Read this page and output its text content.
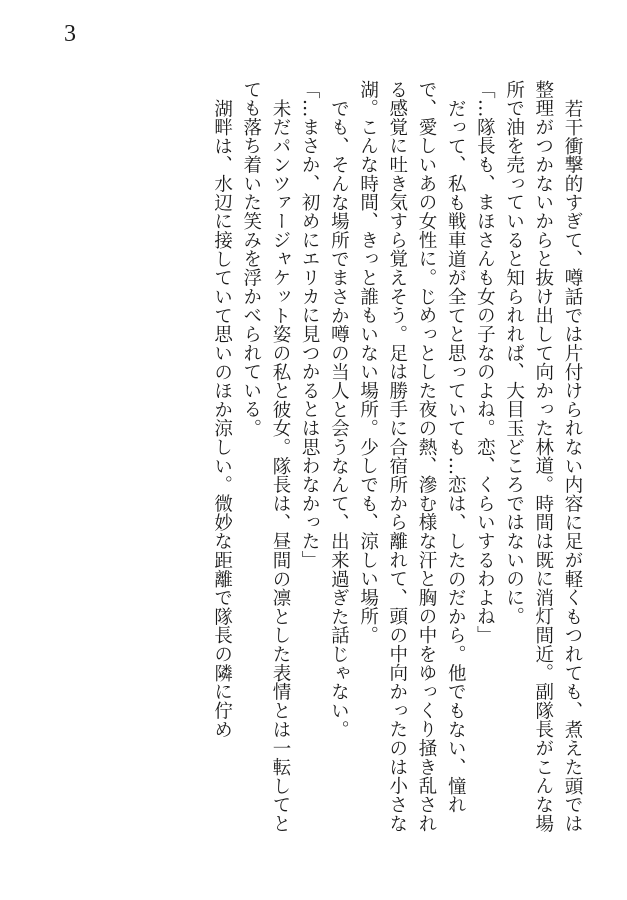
3

若干衝撃的すぎて、噂話では片付けられない内容に足が軽くもつれても、煮えた頭では整理がつかないからと抜け出して向かった林道。時間は既に消灯間近。副隊長がこんな場所で油を売っていると知られれば、大目玉どころではないのに。

「…隊長も、まほさんも女の子なのよね。恋、くらいするわよね」

だって、私も戦車道が全てと思っていても…恋は、したのだから。他でもない、憧れで、愛しいあの女性に。じめっとした夜の熱、滲む様な汗と胸の中をゆっくり掻き乱される感覚に吐き気すら覚えそう。足は勝手に合宿所から離れて、頭の中向かったのは小さな湖。こんな時間、きっと誰もいない場所。少しでも、涼しい場所。

でも、そんな場所でまさか噂の当人と会うなんて、出来過ぎた話じゃない。

「…まさか、初めにエリカに見つかるとは思わなかった」

未だパンツァージャケット姿の私と彼女。隊長は、昼間の凛とした表情とは一転してとても落ち着いた笑みを浮かべられている。

湖畔は、水辺に接していて思いのほか涼しい。微妙な距離で隊長の隣に佇め
